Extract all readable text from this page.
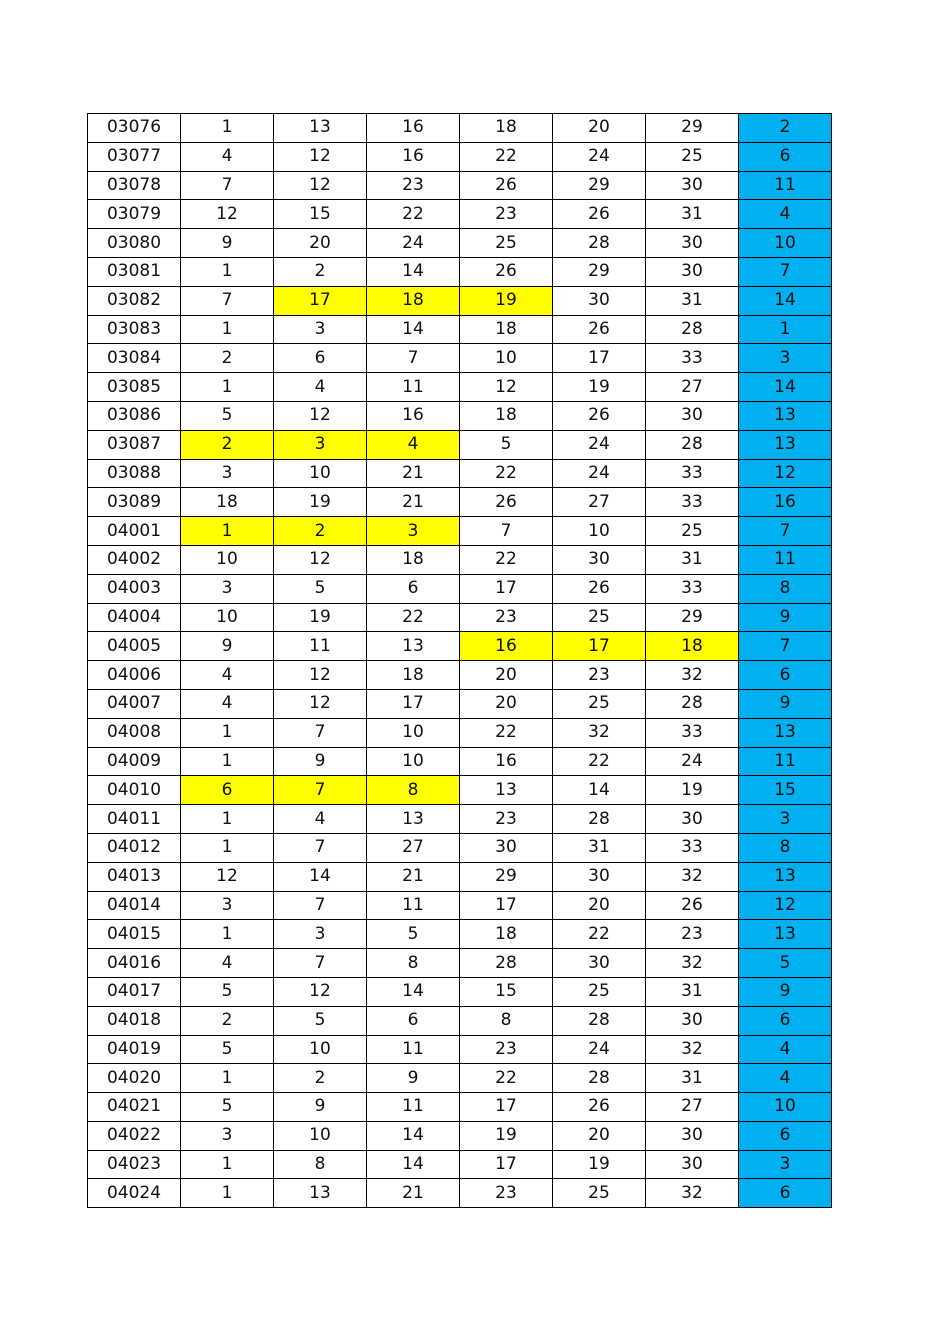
03076	1	13	16	18	20	29	2
03077	4	12	16	22	24	25	6
03078	7	12	23	26	29	30	11
03079	12	15	22	23	26	31	4
03080	9	20	24	25	28	30	10
03081	1	2	14	26	29	30	7
03082	7	17	18	19	30	31	14
03083	1	3	14	18	26	28	1
03084	2	6	7	10	17	33	3
03085	1	4	11	12	19	27	14
03086	5	12	16	18	26	30	13
03087	2	3	4	5	24	28	13
03088	3	10	21	22	24	33	12
03089	18	19	21	26	27	33	16
04001	1	2	3	7	10	25	7
04002	10	12	18	22	30	31	11
04003	3	5	6	17	26	33	8
04004	10	19	22	23	25	29	9
04005	9	11	13	16	17	18	7
04006	4	12	18	20	23	32	6
04007	4	12	17	20	25	28	9
04008	1	7	10	22	32	33	13
04009	1	9	10	16	22	24	11
04010	6	7	8	13	14	19	15
04011	1	4	13	23	28	30	3
04012	1	7	27	30	31	33	8
04013	12	14	21	29	30	32	13
04014	3	7	11	17	20	26	12
04015	1	3	5	18	22	23	13
04016	4	7	8	28	30	32	5
04017	5	12	14	15	25	31	9
04018	2	5	6	8	28	30	6
04019	5	10	11	23	24	32	4
04020	1	2	9	22	28	31	4
04021	5	9	11	17	26	27	10
04022	3	10	14	19	20	30	6
04023	1	8	14	17	19	30	3
04024	1	13	21	23	25	32	6
